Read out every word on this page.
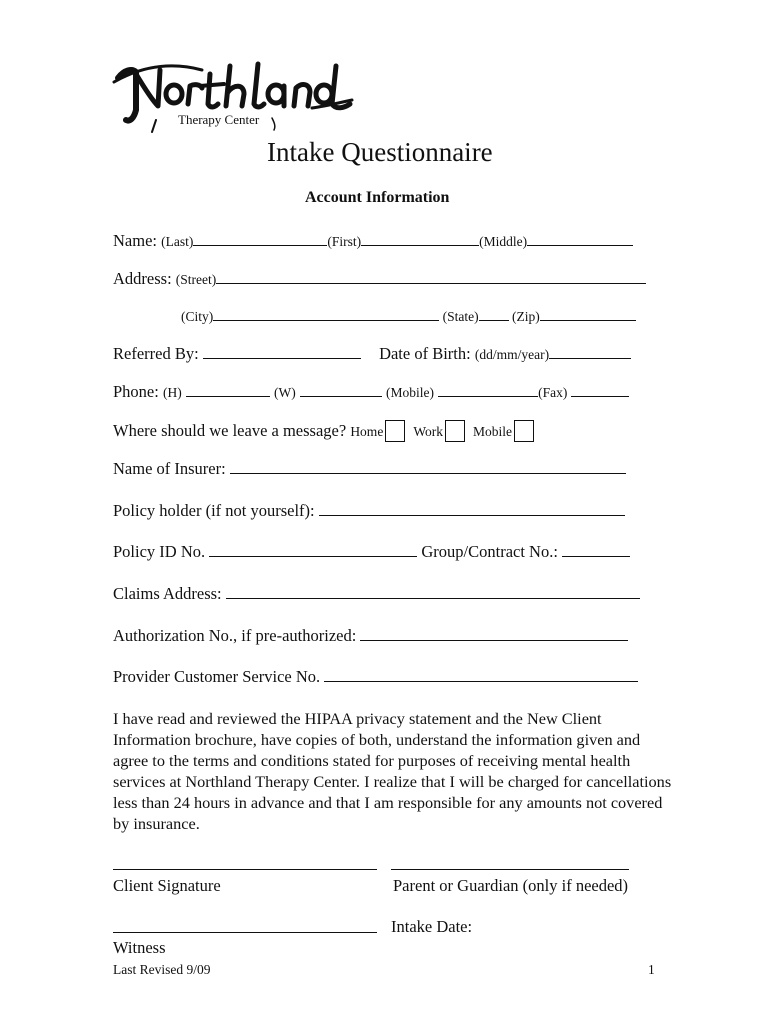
Therapy Center
Intake Questionnaire
Account Information
Name: (Last)	(First)	(Middle)
Address: (Street)
(City)	(State) (Zip)
Referred By:	Date of Birth: (dd/mm/year)
Phone: (H)	(W)	(Mobile)	(Fax)
Where should we leave a message? Home Work Mobile
Name of Insurer:
Policy holder (if not yourself):
Policy ID No.	Group/Contract No.:
Claims Address:
Authorization No., if pre-authorized:
Provider Customer Service No.
I have read and reviewed the HIPAA privacy statement and the New Client Information brochure, have copies of both, understand the information given and agree to the terms and conditions stated for purposes of receiving mental health services at Northland Therapy Center. I realize that I will be charged for cancellations less than 24 hours in advance and that I am responsible for any amounts not covered by insurance.
Client Signature	Parent or Guardian (only if needed)
Intake Date:
Witness
Last Revised 9/09	1
